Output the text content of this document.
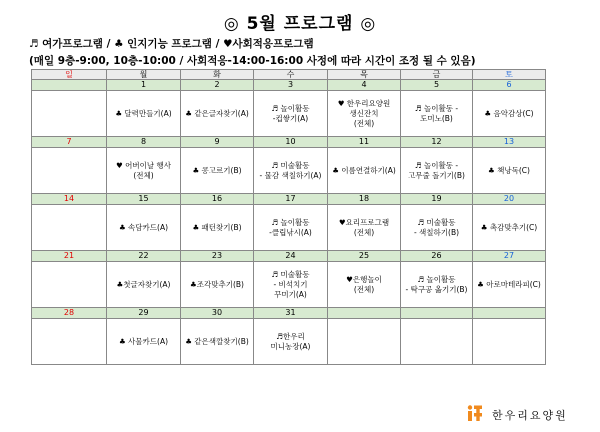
◎ 5월 프로그램 ◎
♬ 여가프로그램 / ♣ 인지기능 프로그램 / ♥사회적응프로그램
(매일 9층-9:00, 10층-10:00 / 사회적응-14:00-16:00 사정에 따라 시간이 조정 될 수 있음)
일	월	화	수	목	금	토
	1	2	3	4	5	6
	♣ 달력만들기(A)	♣ 같은글자찾기(A)	♬ 놀이활동
-컵쌓기(A)	♥ 한우리요양원
생신잔치
(전체)	♬ 놀이활동 -
도미노(B)	♣ 음악감상(C)
7	8	9	10	11	12	13
	♥ 어버이날 행사
(전체)	♣ 콩고르기(B)	♬ 미술활동
- 물감 색칠하기(A)	♣ 이름연결하기(A)	♬ 놀이활동 -
고무줄 돌기기(B)	♣ 책낭독(C)
14	15	16	17	18	19	20
	♣ 속담카드(A)	♣ 패턴찾기(B)	♬ 놀이활동
-클립낚시(A)	♥요리프로그램
(전체)	♬ 미술활동
- 색칠하기(B)	♣ 촉감맞추기(C)
21	22	23	24	25	26	27
	♣첫글자찾기(A)	♣조각맞추기(B)	♬ 미술활동
- 비석치기
꾸미기(A)	♥은행놀이
(전체)	♬ 놀이활동
- 탁구공 옮기기(B)	♣ 아로마테라피(C)
28	29	30	31			
	♣ 사물카드(A)	♣ 같은색깔찾기(B)	♬한우리
미니농장(A)			
한우리요양원
